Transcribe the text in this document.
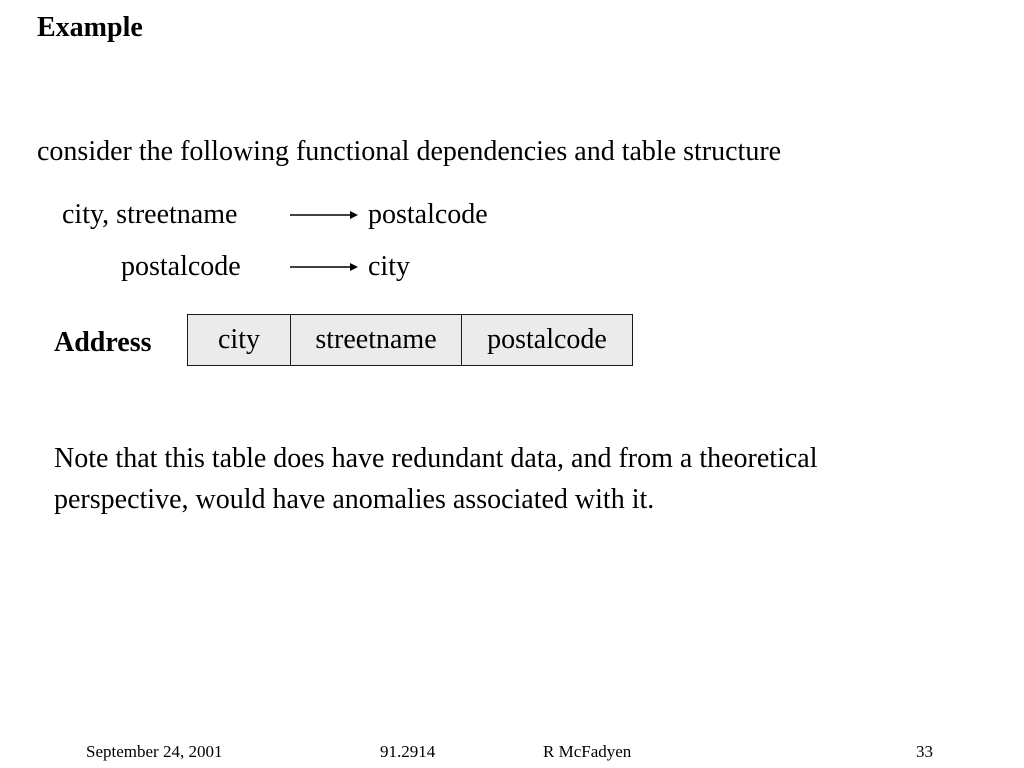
Example
consider the following functional dependencies and table structure
city, streetname	postalcode
postalcode	city
Address city	streetname	postalcode
Note that this table does have redundant data, and from a theoretical perspective, would have anomalies associated with it.
September 24, 2001	91.2914	R McFadyen	33
